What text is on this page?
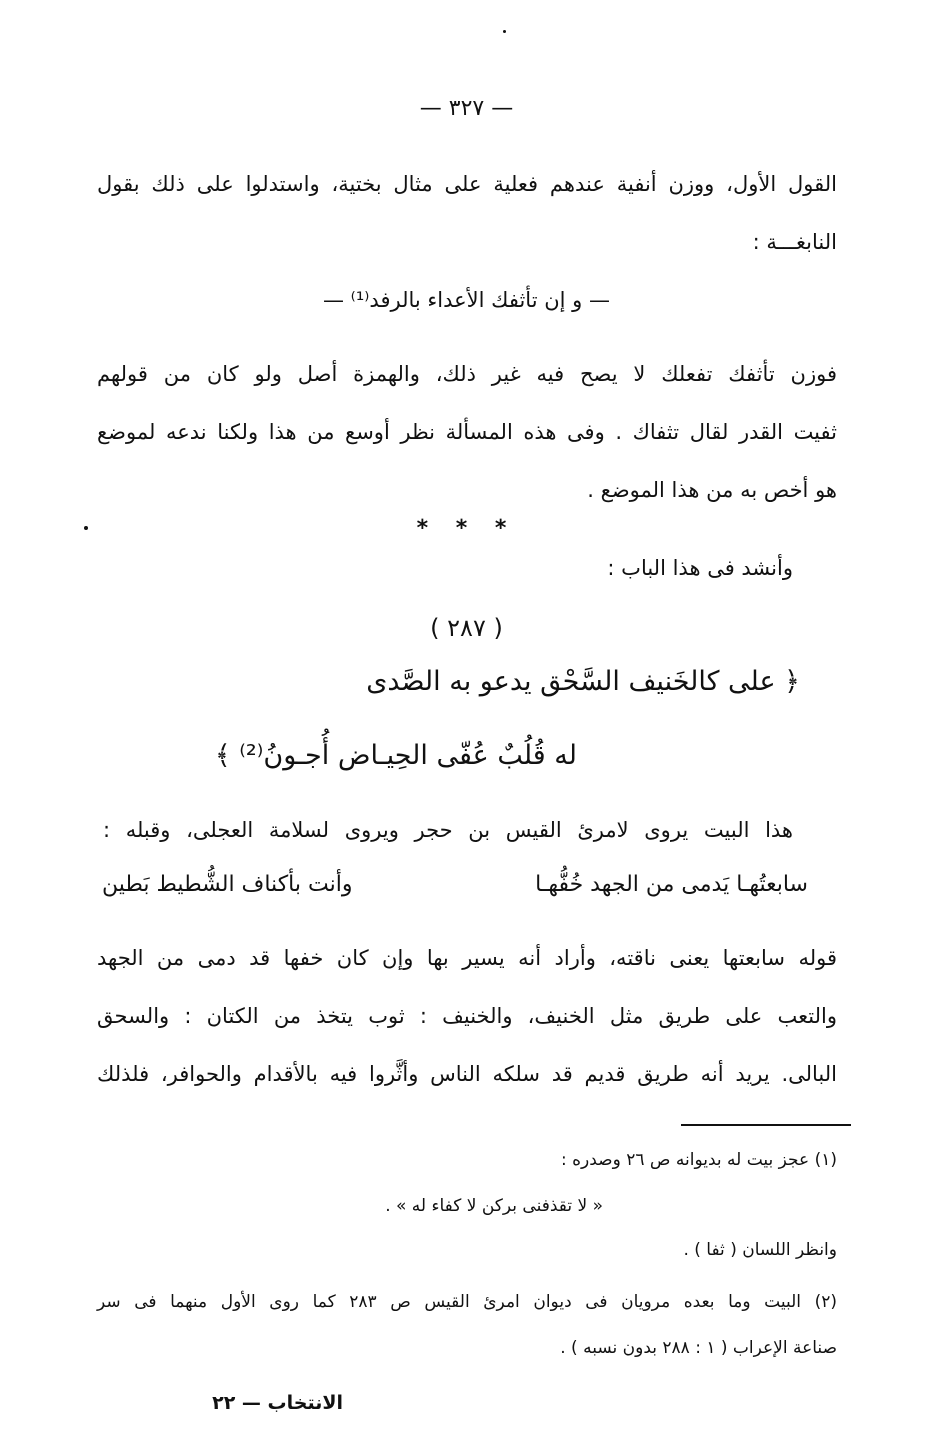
— ٣٢٧ —
القول الأول، ووزن أنفية عندهم فعلية على مثال بختية، واستدلوا على ذلك بقول
النابغـــة :
— و إن تأثفك الأعداء بالرفد⁽¹⁾ —
فوزن تأثفك تفعلك لا يصح فيه غير ذلك، والهمزة أصل ولو كان من قولهم
ثفيت القدر لقال تثفاك . وفى هذه المسألة نظر أوسع من هذا ولكنا ندعه لموضع
هو أخص به من هذا الموضع .
* * *
وأنشد فى هذا الباب :
( ٢٨٧ )
﴿ على كالخَنيف السَّحْق يدعو به الصَّدى
له قُلُبٌ عُفّى الحِيـاض أُجـونُ⁽²⁾ ﴾
هذا البيت يروى لامرئ القيس بن حجر ويروى لسلامة العجلى، وقبله :
سابعتُهـا يَدمى من الجهد خُفُّهـا
وأنت بأكناف الشُّطيط بَطين
قوله سابعتها يعنى ناقته، وأراد أنه يسير بها وإن كان خفها قد دمى من الجهد
والتعب على طريق مثل الخنيف، والخنيف : ثوب يتخذ من الكتان : والسحق
البالى. يريد أنه طريق قديم قد سلكه الناس وأثَّروا فيه بالأقدام والحوافر، فلذلك
(١) عجز بيت له بديوانه ص ٢٦ وصدره :
« لا تقذفنى بركن لا كفاء له » .
وانظر اللسان ( ثفا ) .
(٢) البيت وما بعده مرويان فى ديوان امرئ القيس ص ٢٨٣ كما روى الأول منهما فى سر
صناعة الإعراب ( ١ : ٢٨٨ بدون نسبه ) .
الانتخاب — ٢٢
